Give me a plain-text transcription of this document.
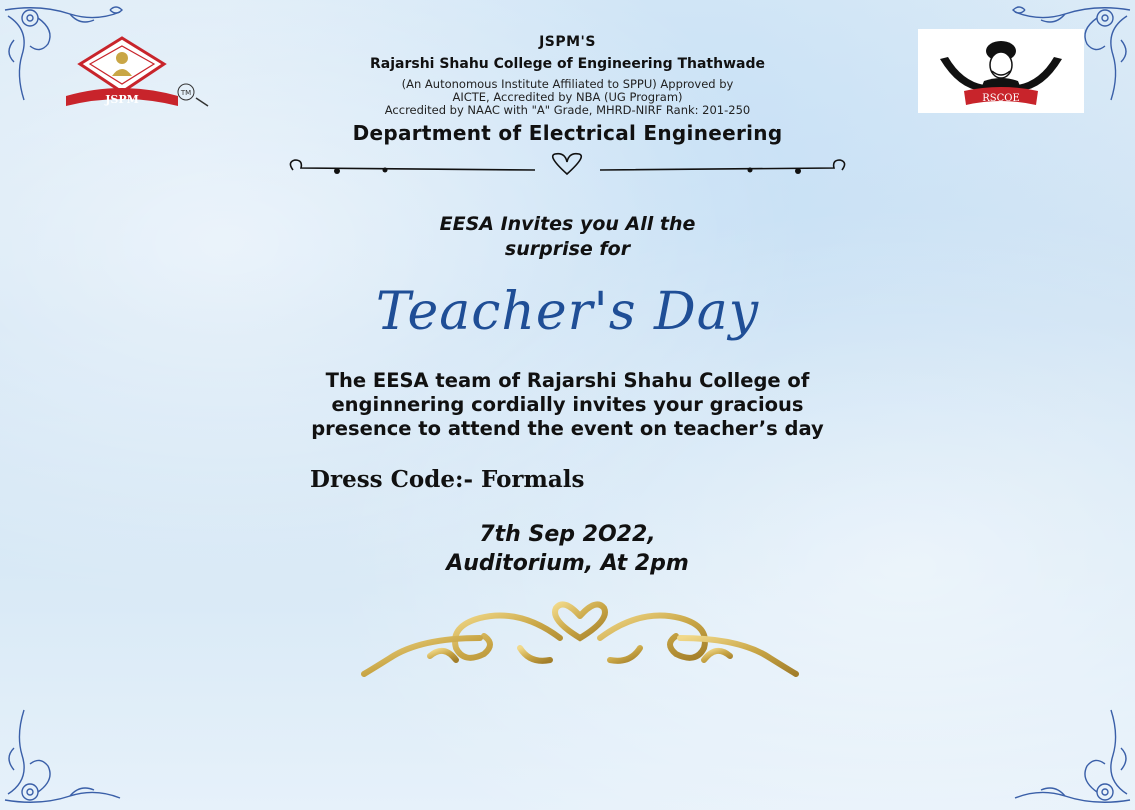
JSPM	TM	RSCOE
JSPM'S
Rajarshi Shahu College of Engineering Thathwade
(An Autonomous Institute Affiliated to SPPU) Approved by
AICTE, Accredited by NBA (UG Program)
Accredited by NAAC with "A" Grade, MHRD-NIRF Rank: 201-250
Department of Electrical Engineering
EESA Invites you All the
surprise for
Teacher's Day
The EESA team of Rajarshi Shahu College of
enginnering cordially invites your gracious
presence to attend the event on teacher’s day
Dress Code:- Formals
7th Sep 2O22,
Auditorium, At 2pm
